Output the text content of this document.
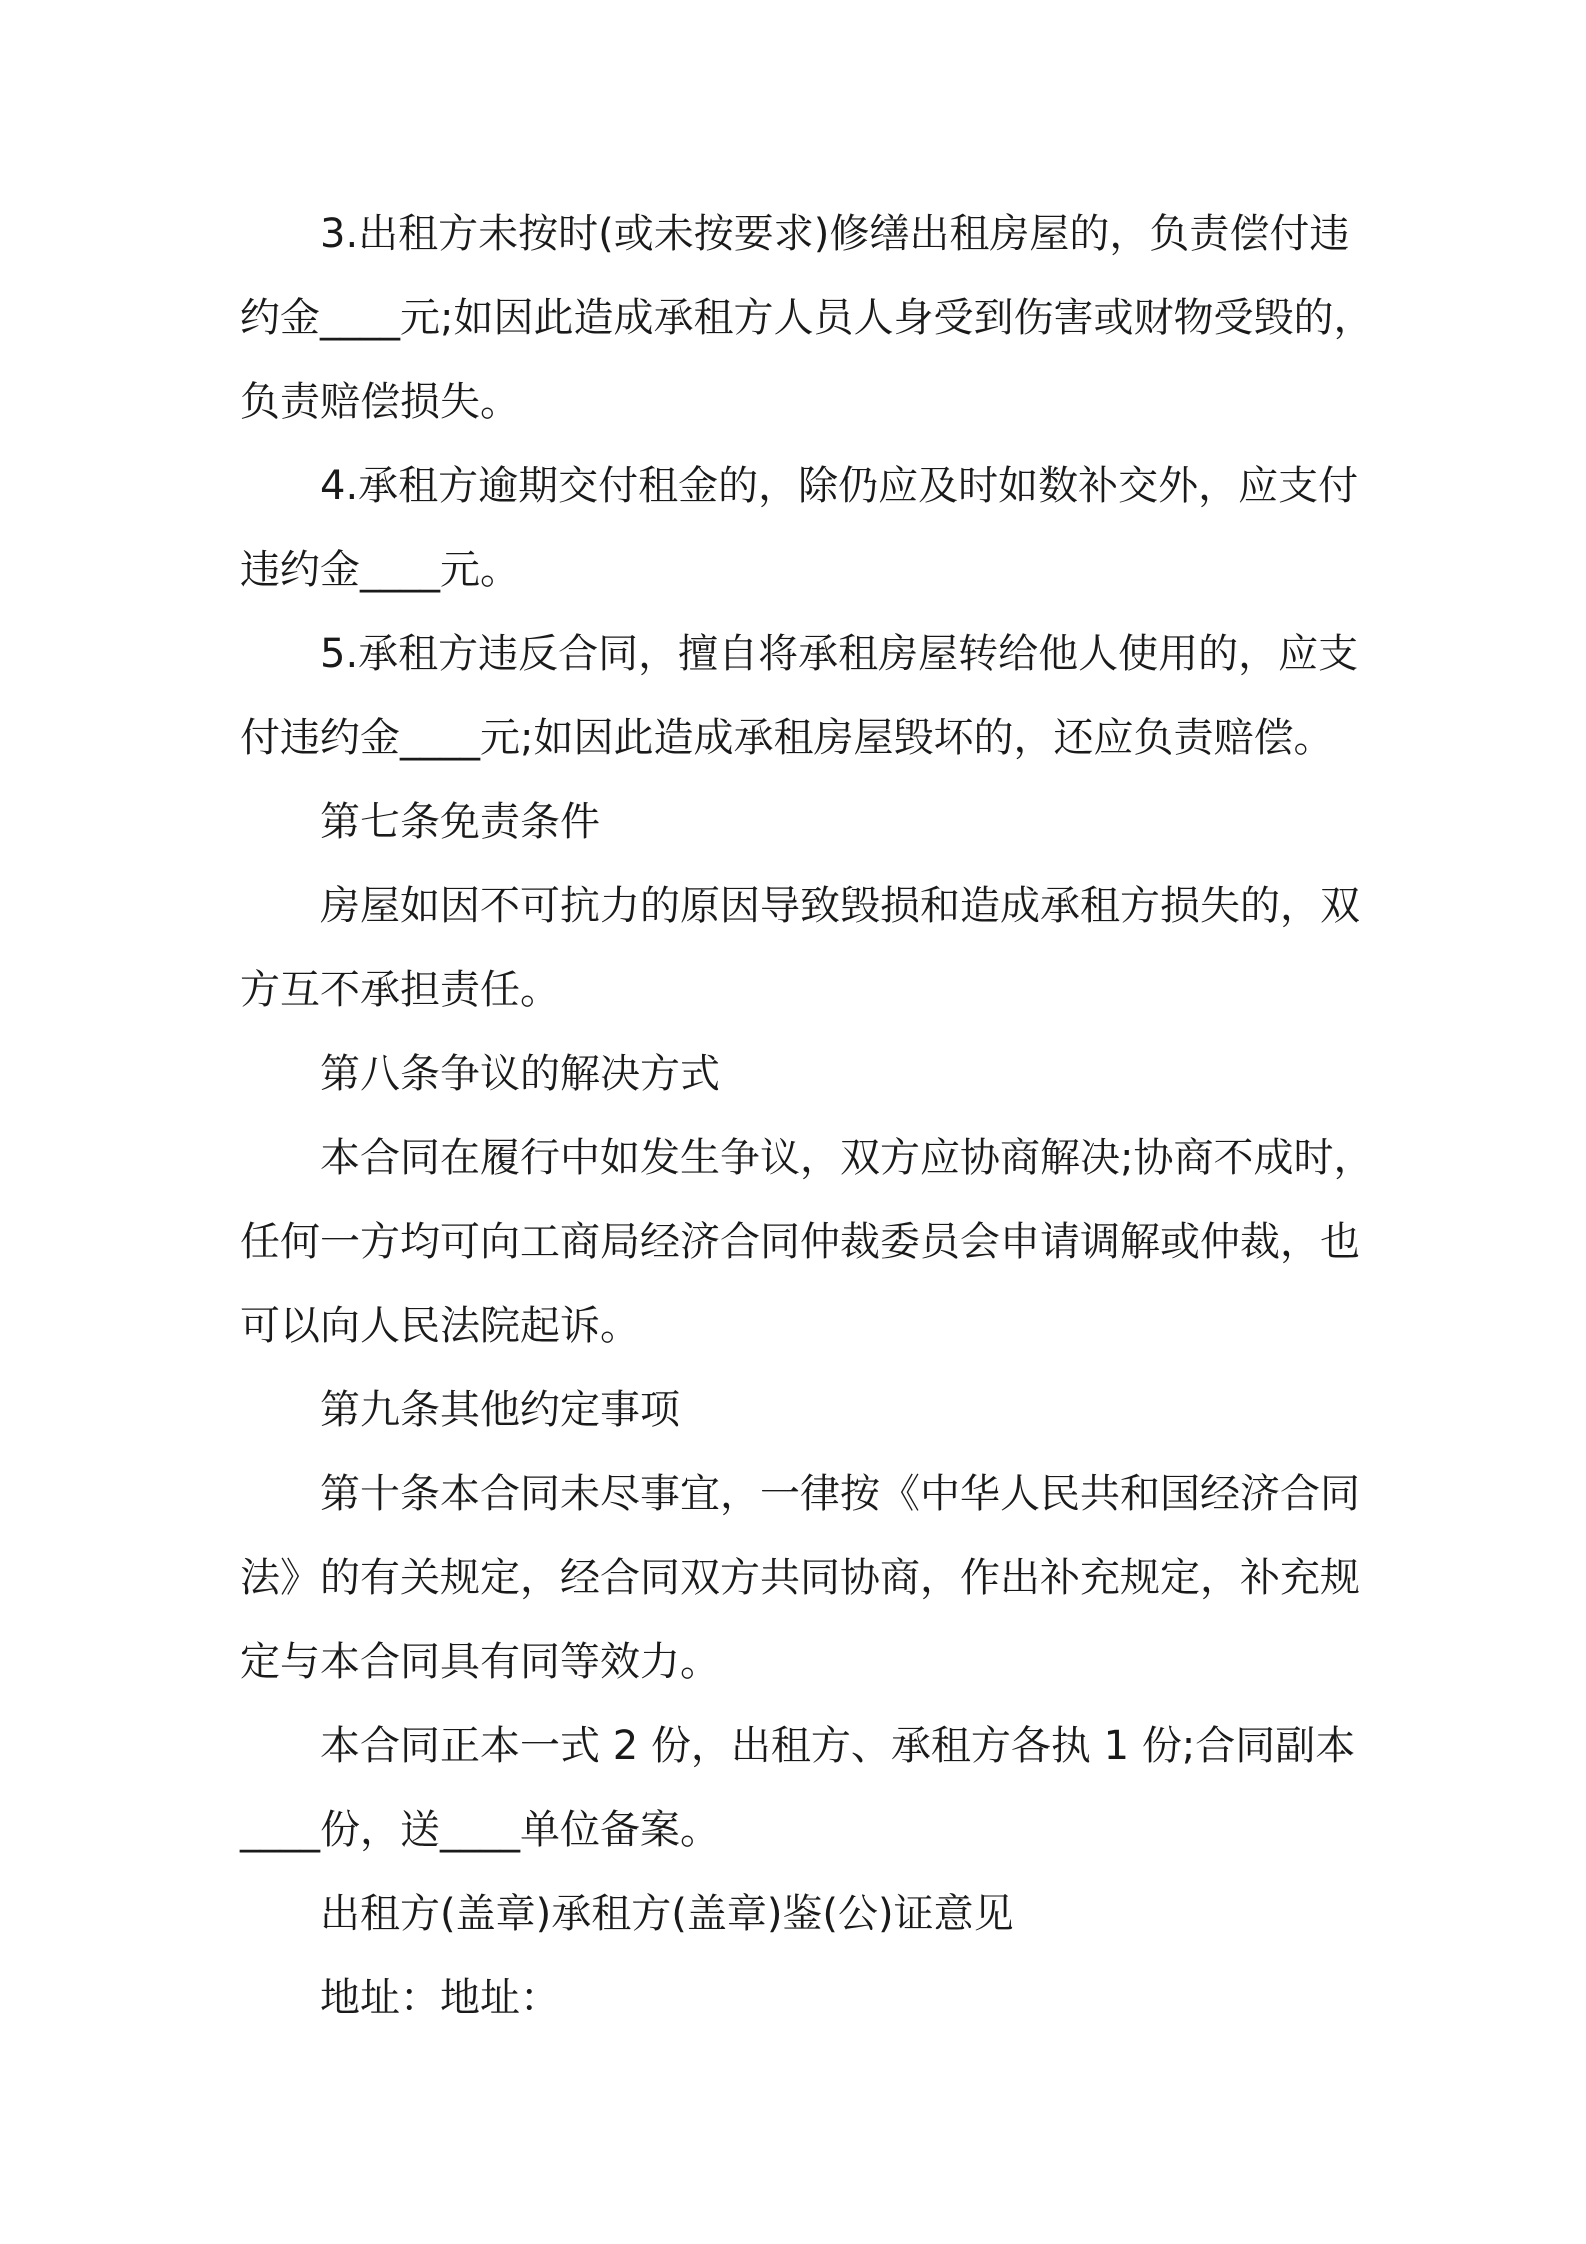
3.出租方未按时(或未按要求)修缮出租房屋的，负责偿付违
约金____元;如因此造成承租方人员人身受到伤害或财物受毁的，
负责赔偿损失。

4.承租方逾期交付租金的，除仍应及时如数补交外，应支付
违约金____元。

5.承租方违反合同，擅自将承租房屋转给他人使用的，应支
付违约金____元;如因此造成承租房屋毁坏的，还应负责赔偿。

第七条免责条件

房屋如因不可抗力的原因导致毁损和造成承租方损失的，双
方互不承担责任。

第八条争议的解决方式

本合同在履行中如发生争议，双方应协商解决;协商不成时，
任何一方均可向工商局经济合同仲裁委员会申请调解或仲裁，也
可以向人民法院起诉。

第九条其他约定事项

第十条本合同未尽事宜，一律按《中华人民共和国经济合同
法》的有关规定，经合同双方共同协商，作出补充规定，补充规
定与本合同具有同等效力。

本合同正本一式 2 份，出租方、承租方各执 1 份;合同副本
____份，送____单位备案。

出租方(盖章)承租方(盖章)鉴(公)证意见

地址：地址：
